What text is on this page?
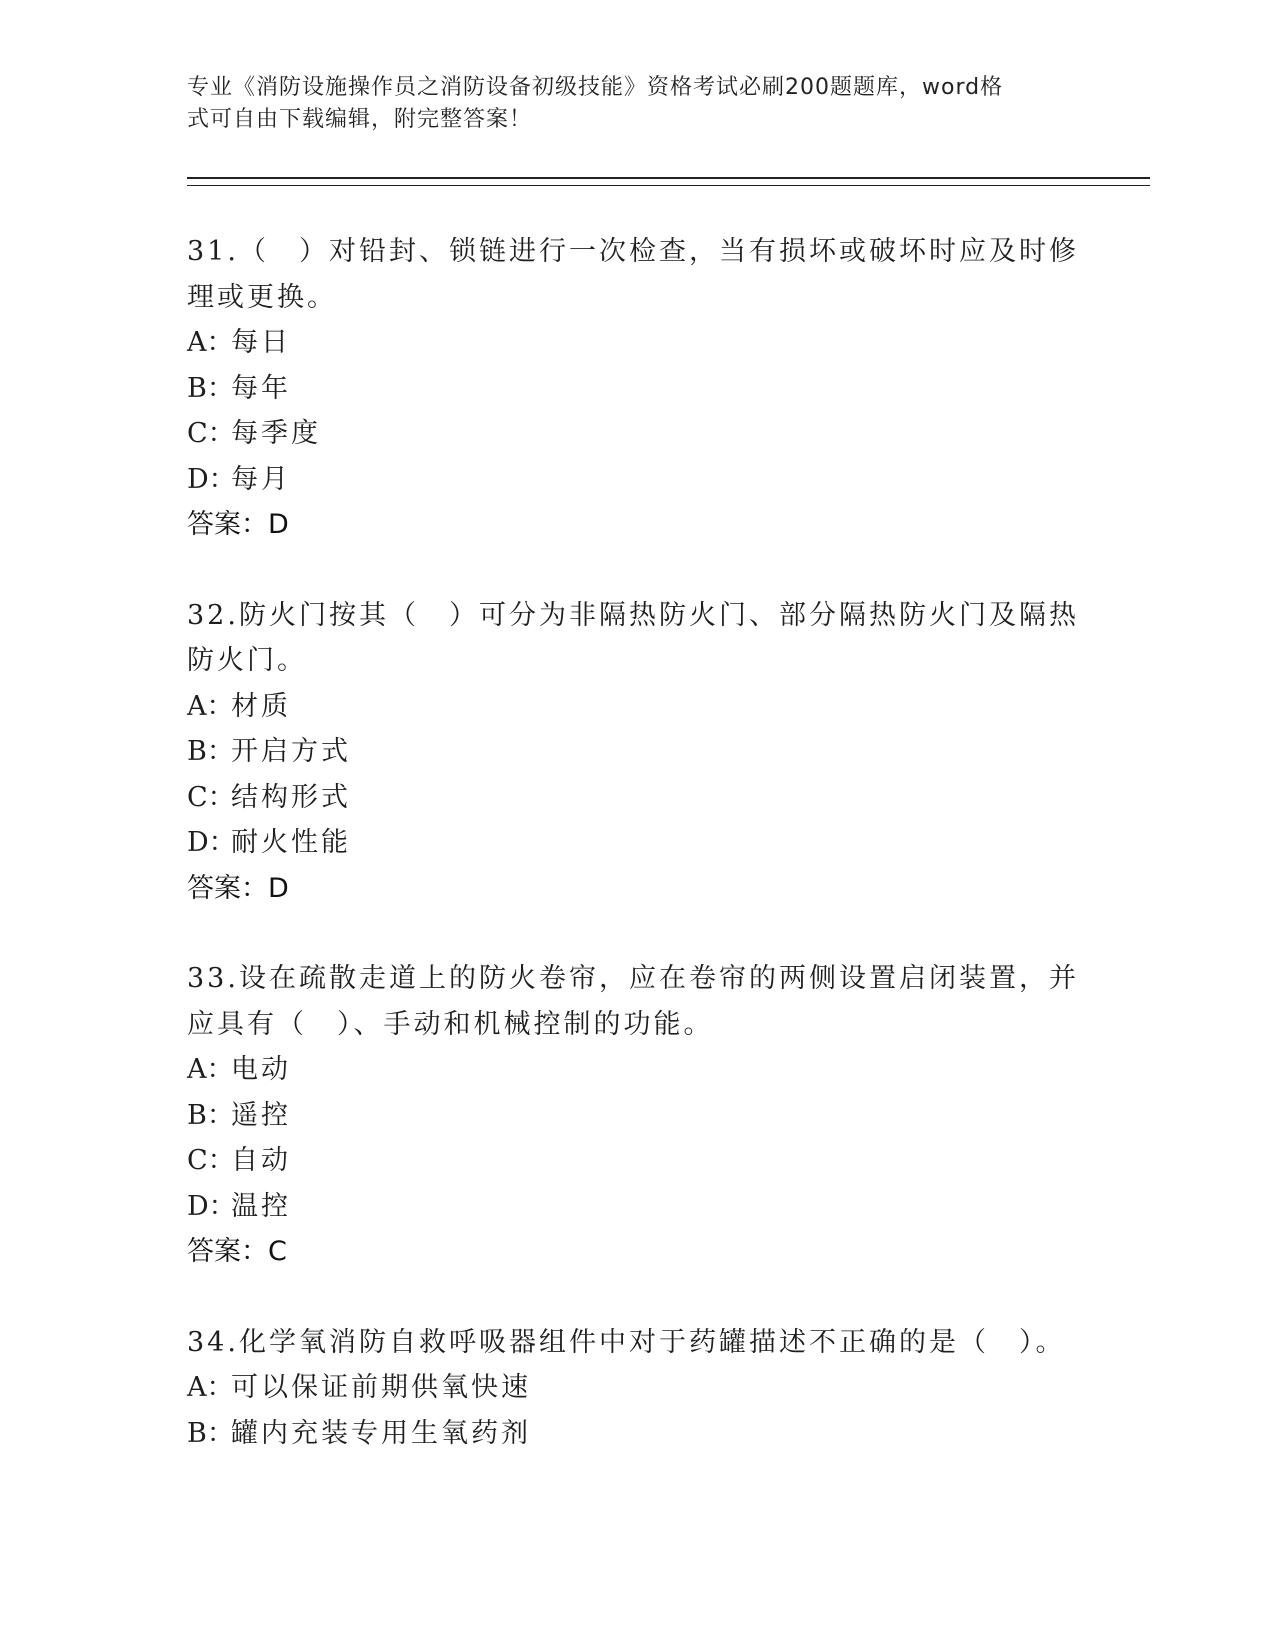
专业《消防设施操作员之消防设备初级技能》资格考试必刷200题题库，word格
式可自由下载编辑，附完整答案！
31.（　）对铅封、锁链进行一次检查，当有损坏或破坏时应及时修理或更换。
A：每日
B：每年
C：每季度
D：每月
答案：D
32.防火门按其（　）可分为非隔热防火门、部分隔热防火门及隔热防火门。
A：材质
B：开启方式
C：结构形式
D：耐火性能
答案：D
33.设在疏散走道上的防火卷帘，应在卷帘的两侧设置启闭装置，并应具有（　）、手动和机械控制的功能。
A：电动
B：遥控
C：自动
D：温控
答案：C
34.化学氧消防自救呼吸器组件中对于药罐描述不正确的是（　）。
A：可以保证前期供氧快速
B：罐内充装专用生氧药剂
